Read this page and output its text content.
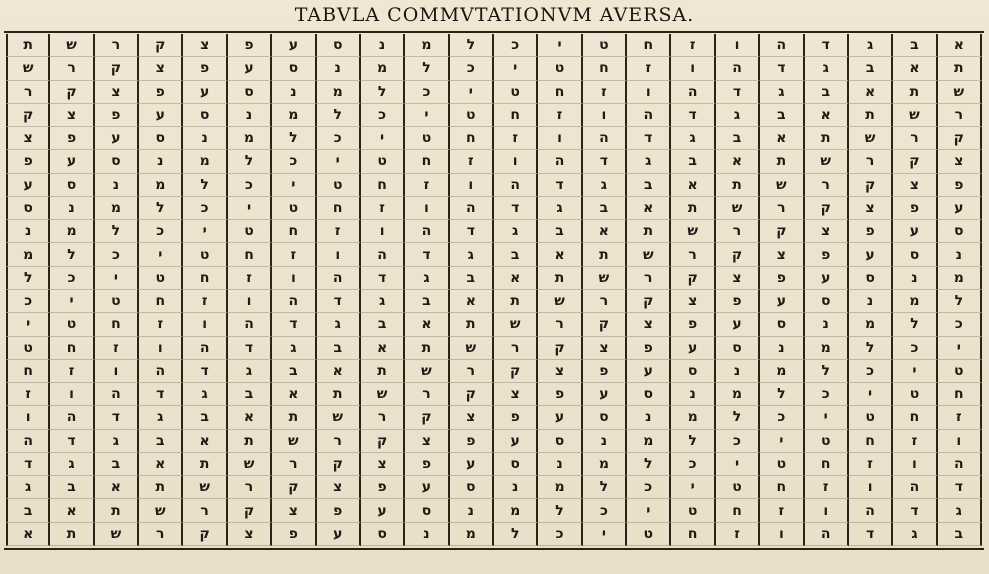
TABVLA COMMVTATIONVM AVERSA.
ת	ש	ר	ק	צ	פ	ע	ס	נ	מ	ל	כ	י	ט	ח	ז	ו	ה	ד	ג	ב	א
ש	ר	ק	צ	פ	ע	ס	נ	מ	ל	כ	י	ט	ח	ז	ו	ה	ד	ג	ב	א	ת
ר	ק	צ	פ	ע	ס	נ	מ	ל	כ	י	ט	ח	ז	ו	ה	ד	ג	ב	א	ת	ש
ק	צ	פ	ע	ס	נ	מ	ל	כ	י	ט	ח	ז	ו	ה	ד	ג	ב	א	ת	ש	ר
צ	פ	ע	ס	נ	מ	ל	כ	י	ט	ח	ז	ו	ה	ד	ג	ב	א	ת	ש	ר	ק
פ	ע	ס	נ	מ	ל	כ	י	ט	ח	ז	ו	ה	ד	ג	ב	א	ת	ש	ר	ק	צ
ע	ס	נ	מ	ל	כ	י	ט	ח	ז	ו	ה	ד	ג	ב	א	ת	ש	ר	ק	צ	פ
ס	נ	מ	ל	כ	י	ט	ח	ז	ו	ה	ד	ג	ב	א	ת	ש	ר	ק	צ	פ	ע
נ	מ	ל	כ	י	ט	ח	ז	ו	ה	ד	ג	ב	א	ת	ש	ר	ק	צ	פ	ע	ס
מ	ל	כ	י	ט	ח	ז	ו	ה	ד	ג	ב	א	ת	ש	ר	ק	צ	פ	ע	ס	נ
ל	כ	י	ט	ח	ז	ו	ה	ד	ג	ב	א	ת	ש	ר	ק	צ	פ	ע	ס	נ	מ
כ	י	ט	ח	ז	ו	ה	ד	ג	ב	א	ת	ש	ר	ק	צ	פ	ע	ס	נ	מ	ל
י	ט	ח	ז	ו	ה	ד	ג	ב	א	ת	ש	ר	ק	צ	פ	ע	ס	נ	מ	ל	כ
ט	ח	ז	ו	ה	ד	ג	ב	א	ת	ש	ר	ק	צ	פ	ע	ס	נ	מ	ל	כ	י
ח	ז	ו	ה	ד	ג	ב	א	ת	ש	ר	ק	צ	פ	ע	ס	נ	מ	ל	כ	י	ט
ז	ו	ה	ד	ג	ב	א	ת	ש	ר	ק	צ	פ	ע	ס	נ	מ	ל	כ	י	ט	ח
ו	ה	ד	ג	ב	א	ת	ש	ר	ק	צ	פ	ע	ס	נ	מ	ל	כ	י	ט	ח	ז
ה	ד	ג	ב	א	ת	ש	ר	ק	צ	פ	ע	ס	נ	מ	ל	כ	י	ט	ח	ז	ו
ד	ג	ב	א	ת	ש	ר	ק	צ	פ	ע	ס	נ	מ	ל	כ	י	ט	ח	ז	ו	ה
ג	ב	א	ת	ש	ר	ק	צ	פ	ע	ס	נ	מ	ל	כ	י	ט	ח	ז	ו	ה	ד
ב	א	ת	ש	ר	ק	צ	פ	ע	ס	נ	מ	ל	כ	י	ט	ח	ז	ו	ה	ד	ג
א	ת	ש	ר	ק	צ	פ	ע	ס	נ	מ	ל	כ	י	ט	ח	ז	ו	ה	ד	ג	ב
